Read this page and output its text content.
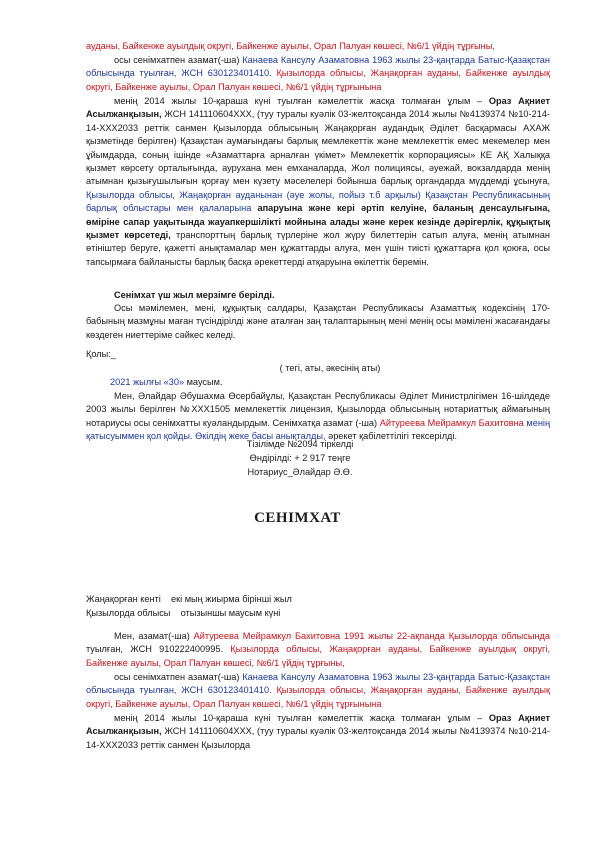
ауданы, Байкенже ауылдық округі, Байкенже ауылы, Орал Палуан көшесі, №6/1 үйдің тұрғыны,

осы сенімхатпен азамат(-ша) Канаева Кансулу Азаматовна 1963 жылы 23-қаңтарда Батыс-Қазақстан облысында туылған, ЖСН 630123401410. Қызылорда облысы, Жаңақорған ауданы, Байкенже ауылдық округі, Байкенже ауылы, Орал Палуан көшесі, №6/1 үйдің тұрғынына

менің 2014 жылы 10-қараша күні туылған кәмелеттік жасқа толмаған ұлым – Ораз Ақниет Асылжанқызын, ЖСН 141110604XXX, (туу туралы куәлік 03-желтоқсанда 2014 жылы №4139374 №10-214-14-XXX2033 реттік санмен Қызылорда облысының Жаңақорған аудандық Әділет басқармасы АХАЖ қызметінде берілген) Қазақстан аумағындағы барлық мемлекеттік және мемлекеттік емес мекемелер мен ұйымдарда, соның ішінде «Азаматтарға арналған үкімет» Мемлекеттік корпорациясы» КЕ АҚ Халыққа қызмет көрсету орталығында, аурухана мен емханаларда, Жол полициясы, әуежай, вокзалдарда менің атымнан қызығушылығын қорғау мен күзету мәселелері бойынша барлық органдарда мүддемді ұсынуға, Қызылорда облысы, Жаңақорған ауданынан (әуе жолы, пойыз т.б арқылы) Қазақстан Республикасының барлық облыстары мен қалаларына апаруына және кері әртіп келуіне, баланың денсаулығына, өміріне сапар уақытында жауапкершілікті мойнына алады және керек кезінде дәрігерлік, құқықтық қызмет көрсетеді, транспорттың барлық түрлеріне жол жүру билеттерін сатып алуға, менің атымнан өтініштер беруге, қажетті анықтамалар мен құжаттарды алуға, мен үшін тиісті құжаттарға қол қоюға, осы тапсырмаға байланысты барлық басқа әрекеттерді атқаруына өкілеттік беремін.

Сенімхат үш жыл мерзімге берілді.

Осы мәмілемен, мені, құқықтық салдары, Қазақстан Республикасы Азаматтық кодексінің 170- бабының мазмұны маған түсіндірілді және аталған заң талаптарының мені менің осы мәмілені жасағандағы көздеген ниеттеріме сәйкес келеді.

Қолы:_

( тегі, аты, әкесінің аты)

2021 жылғы «30» маусым.

Мен, Әлайдар Әбушахма Өсербайұлы, Қазақстан Республикасы Әділет Министрлігімен 16-шілдеде 2003 жылы берілген №XXX1505 мемлекеттік лицензия, Қызылорда облысының нотариаттық аймағының нотариусы осы сенімхатты куәландырдым. Сенімхатқа азамат (-ша) Айтуреева Мейрамкул Бахитовна менің қатысуыммен қол қойды. Өкілдің жеке басы анықталды, әрекет қабілеттілігі тексерілді.

Тізілімде №2094 тіркелді

Өндірілді: + 2 917 теңге

Нотариус_Әлайдар Ә.Ө.

СЕНІМХАТ

Жаңақорған кенті    екі мың жиырма бірінші жыл

Қызылорда облысы    отызыншы маусым күні

Мен, азамат(-ша) Айтуреева Мейрамкул Бахитовна 1991 жылы 22-ақпанда Қызылорда облысында туылған, ЖСН 910222400995. Қызылорда облысы, Жаңақорған ауданы, Байкенже ауылдық округі, Байкенже ауылы, Орал Палуан көшесі, №6/1 үйдің тұрғыны,

осы сенімхатпен азамат(-ша) Канаева Кансулу Азаматовна 1963 жылы 23-қаңтарда Батыс-Қазақстан облысында туылған, ЖСН 630123401410. Қызылорда облысы, Жаңақорған ауданы, Байкенже ауылдық округі, Байкенже ауылы, Орал Палуан көшесі, №6/1 үйдің тұрғынына

менің 2014 жылы 10-қараша күні туылған кәмелеттік жасқа толмаған ұлым – Ораз Ақниет Асылжанқызын, ЖСН 141110604XXX, (туу туралы куәлік 03-желтоқсанда 2014 жылы №4139374 №10-214-14-XXX2033 реттік санмен Қызылорда
